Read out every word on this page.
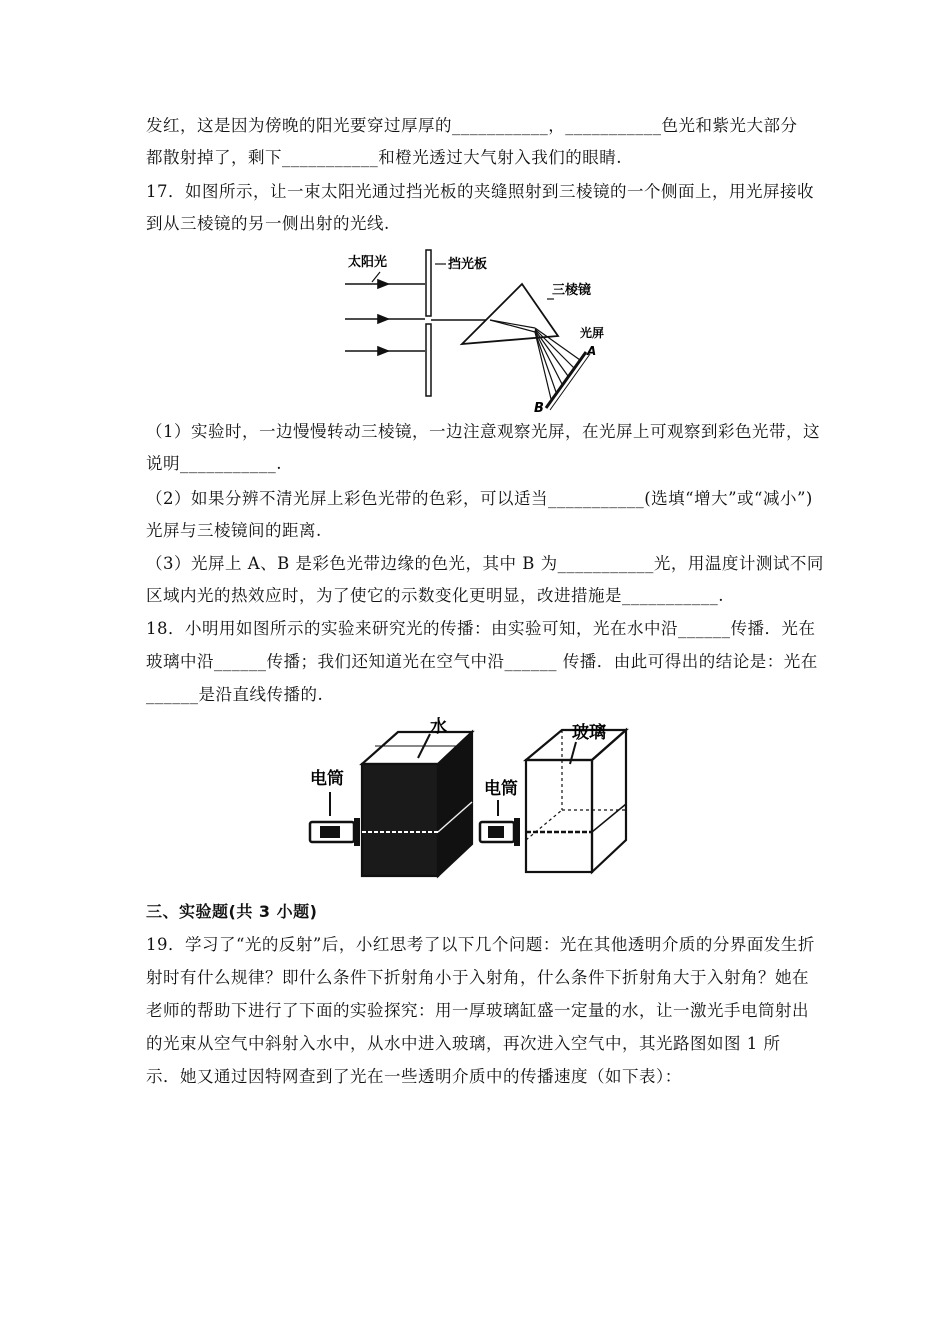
发红，这是因为傍晚的阳光要穿过厚厚的___________，___________色光和紫光大部分
都散射掉了，剩下___________和橙光透过大气射入我们的眼睛.
17．如图所示，让一束太阳光通过挡光板的夹缝照射到三棱镜的一个侧面上，用光屏接收
到从三棱镜的另一侧出射的光线.
太阳光	挡光板
三棱镜
光屏
A
B
（1）实验时，一边慢慢转动三棱镜，一边注意观察光屏，在光屏上可观察到彩色光带，这
说明___________.
（2）如果分辨不清光屏上彩色光带的色彩，可以适当___________(选填“增大”或“减小”)
光屏与三棱镜间的距离.
（3）光屏上 A、B 是彩色光带边缘的色光，其中 B 为___________光，用温度计测试不同
区域内光的热效应时，为了使它的示数变化更明显，改进措施是___________.
18．小明用如图所示的实验来研究光的传播：由实验可知，光在水中沿______传播．光在
玻璃中沿______传播；我们还知道光在空气中沿______ 传播．由此可得出的结论是：光在
______是沿直线传播的.
电筒
水
电筒
玻璃
三、实验题(共 3 小题)
19．学习了“光的反射”后，小红思考了以下几个问题：光在其他透明介质的分界面发生折
射时有什么规律？即什么条件下折射角小于入射角，什么条件下折射角大于入射角？她在
老师的帮助下进行了下面的实验探究：用一厚玻璃缸盛一定量的水，让一激光手电筒射出
的光束从空气中斜射入水中，从水中进入玻璃，再次进入空气中，其光路图如图 1 所
示．她又通过因特网查到了光在一些透明介质中的传播速度（如下表）：
